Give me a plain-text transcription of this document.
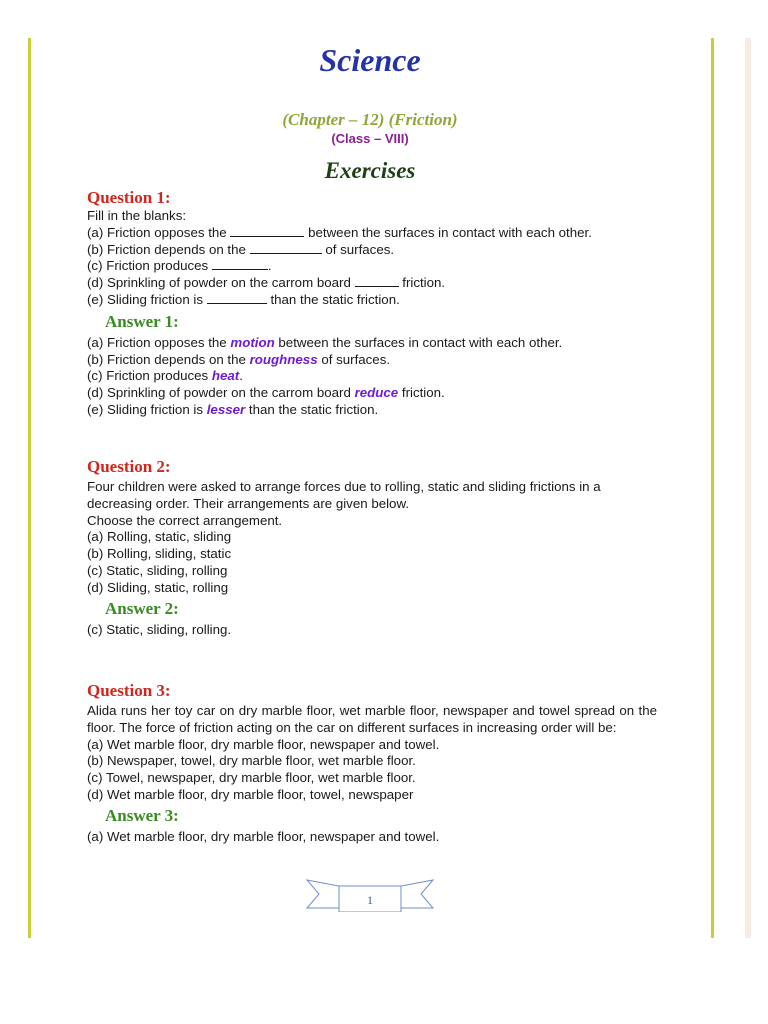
Science
(Chapter – 12) (Friction)
(Class – VIII)
Exercises
Question 1:
Fill in the blanks:
(a) Friction opposes the	between the surfaces in contact with each other.
(b) Friction depends on the	of surfaces.
(c) Friction produces	.
(d) Sprinkling of powder on the carrom board	friction.
(e) Sliding friction is	than the static friction.
Answer 1:
(a) Friction opposes the motion between the surfaces in contact with each other.
(b) Friction depends on the roughness of surfaces.
(c) Friction produces heat.
(d) Sprinkling of powder on the carrom board reduce friction.
(e) Sliding friction is lesser than the static friction.
Question 2:
Four children were asked to arrange forces due to rolling, static and sliding frictions in a decreasing order. Their arrangements are given below.
Choose the correct arrangement.
(a) Rolling, static, sliding
(b) Rolling, sliding, static
(c) Static, sliding, rolling
(d) Sliding, static, rolling
Answer 2:
(c) Static, sliding, rolling.
Question 3:
Alida runs her toy car on dry marble floor, wet marble floor, newspaper and towel spread on the floor. The force of friction acting on the car on different surfaces in increasing order will be:
(a) Wet marble floor, dry marble floor, newspaper and towel.
(b) Newspaper, towel, dry marble floor, wet marble floor.
(c) Towel, newspaper, dry marble floor, wet marble floor.
(d) Wet marble floor, dry marble floor, towel, newspaper
Answer 3:
(a) Wet marble floor, dry marble floor, newspaper and towel.
1
